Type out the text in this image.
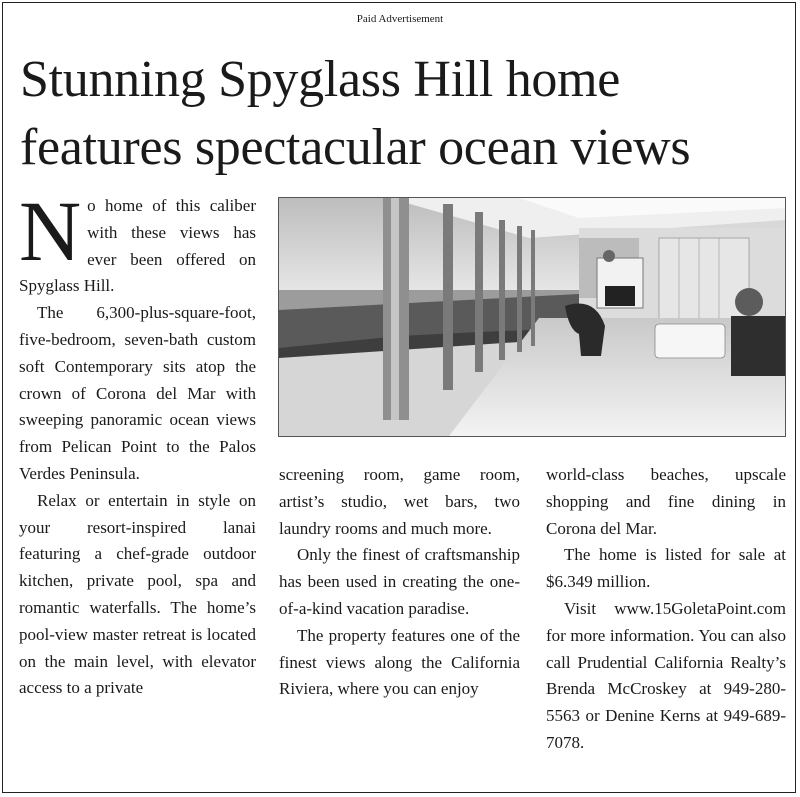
Paid Advertisement
Stunning Spyglass Hill home
features spectacular ocean views

No home of this caliber with these views has ever been offered on Spyglass Hill.

The 6,300-plus-square-foot, five-bedroom, seven-bath custom soft Contemporary sits atop the crown of Corona del Mar with sweeping panoramic ocean views from Pelican Point to the Palos Verdes Peninsula.

Relax or entertain in style on your resort-inspired lanai featuring a chef-grade outdoor kitchen, private pool, spa and romantic waterfalls. The home’s pool-view master retreat is located on the main level, with elevator access to a private

screening room, game room, artist’s studio, wet bars, two laundry rooms and much more.

Only the finest of craftsmanship has been used in creating the one-of-a-kind vacation paradise.

The property features one of the finest views along the California Riviera, where you can enjoy

world-class beaches, upscale shopping and fine dining in Corona del Mar.

The home is listed for sale at $6.349 million.

Visit www.15GoletaPoint.com for more information. You can also call Prudential California Realty’s Brenda McCroskey at 949-280-5563 or Denine Kerns at 949-689-7078.
